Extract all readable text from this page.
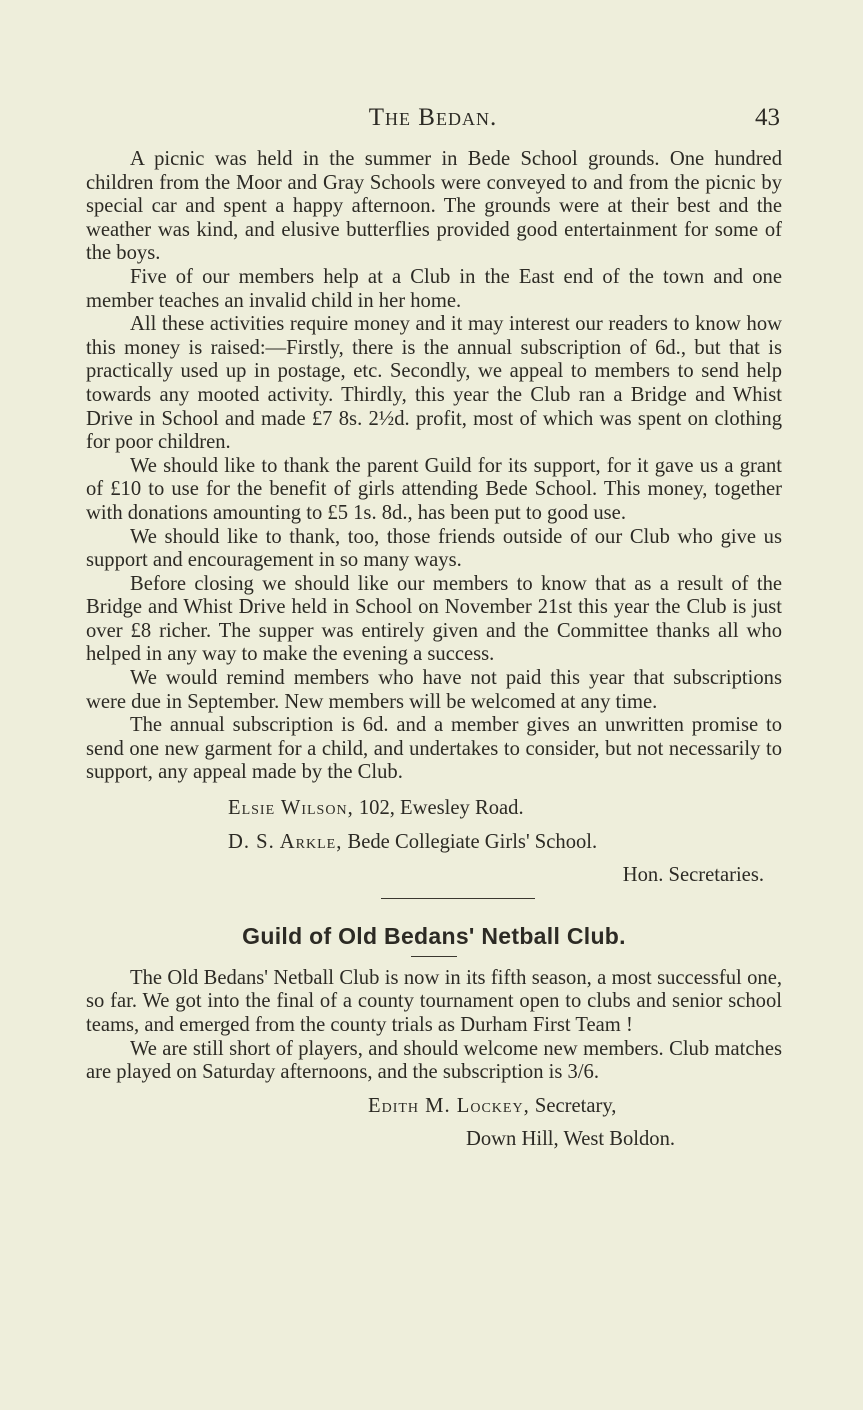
The Bedan.	43

A picnic was held in the summer in Bede School grounds. One hundred children from the Moor and Gray Schools were conveyed to and from the picnic by special car and spent a happy afternoon. The grounds were at their best and the weather was kind, and elusive butterflies provided good entertainment for some of the boys.

Five of our members help at a Club in the East end of the town and one member teaches an invalid child in her home.

All these activities require money and it may interest our readers to know how this money is raised:—Firstly, there is the annual subscription of 6d., but that is practically used up in postage, etc. Secondly, we appeal to members to send help towards any mooted activity. Thirdly, this year the Club ran a Bridge and Whist Drive in School and made £7 8s. 2½d. profit, most of which was spent on clothing for poor children.

We should like to thank the parent Guild for its support, for it gave us a grant of £10 to use for the benefit of girls attending Bede School. This money, together with donations amounting to £5 1s. 8d., has been put to good use.

We should like to thank, too, those friends outside of our Club who give us support and encouragement in so many ways.

Before closing we should like our members to know that as a result of the Bridge and Whist Drive held in School on November 21st this year the Club is just over £8 richer. The supper was entirely given and the Committee thanks all who helped in any way to make the evening a success.

We would remind members who have not paid this year that subscriptions were due in September. New members will be welcomed at any time.

The annual subscription is 6d. and a member gives an unwritten promise to send one new garment for a child, and undertakes to consider, but not necessarily to support, any appeal made by the Club.

Elsie Wilson, 102, Ewesley Road.
D. S. Arkle, Bede Collegiate Girls' School.
Hon. Secretaries.
Guild of Old Bedans' Netball Club.

The Old Bedans' Netball Club is now in its fifth season, a most successful one, so far. We got into the final of a county tournament open to clubs and senior school teams, and emerged from the county trials as Durham First Team !

We are still short of players, and should welcome new members. Club matches are played on Saturday afternoons, and the subscription is 3/6.

Edith M. Lockey, Secretary,
Down Hill, West Boldon.
